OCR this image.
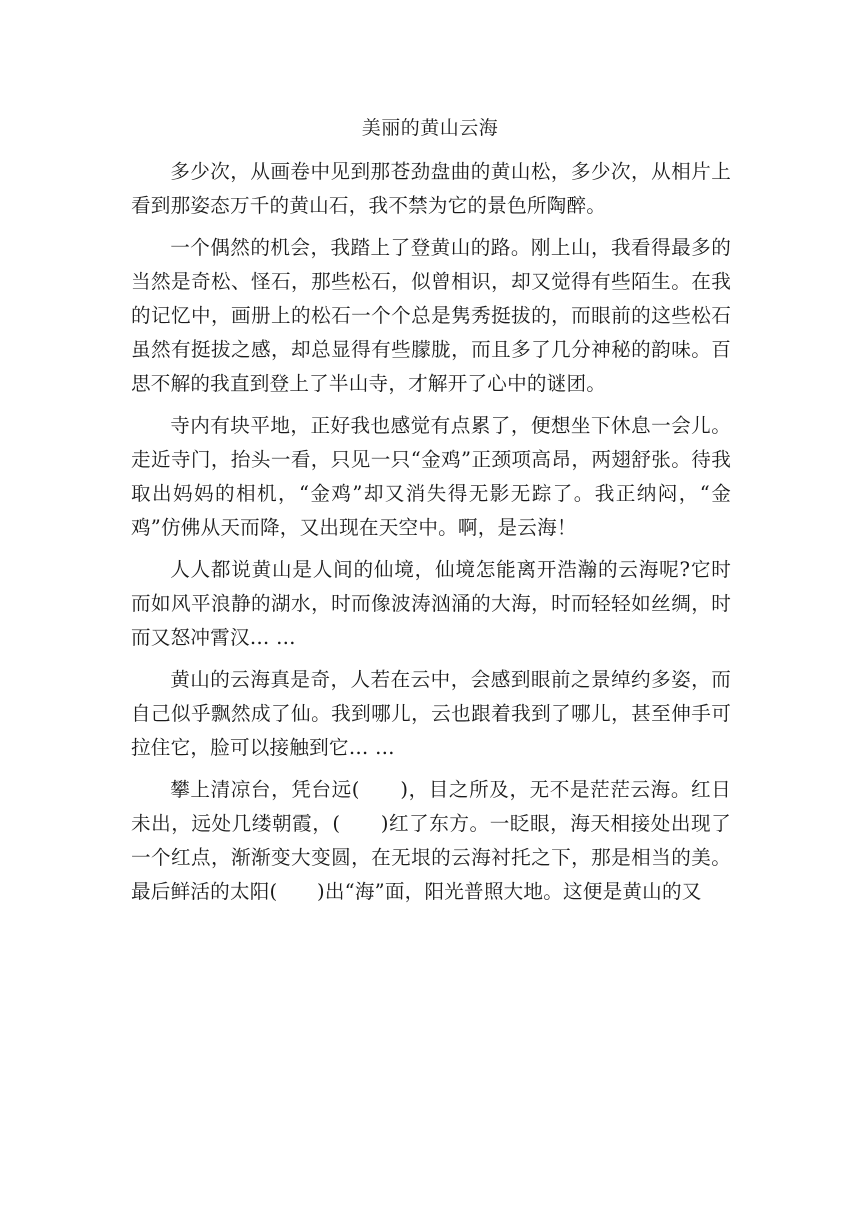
美丽的黄山云海

多少次，从画卷中见到那苍劲盘曲的黄山松，多少次，从相片上看到那姿态万千的黄山石，我不禁为它的景色所陶醉。

一个偶然的机会，我踏上了登黄山的路。刚上山，我看得最多的当然是奇松、怪石，那些松石，似曾相识，却又觉得有些陌生。在我的记忆中，画册上的松石一个个总是隽秀挺拔的，而眼前的这些松石虽然有挺拔之感，却总显得有些朦胧，而且多了几分神秘的韵味。百思不解的我直到登上了半山寺，才解开了心中的谜团。

寺内有块平地，正好我也感觉有点累了，便想坐下休息一会儿。走近寺门，抬头一看，只见一只“金鸡”正颈项高昂，两翅舒张。待我取出妈妈的相机，“金鸡”却又消失得无影无踪了。我正纳闷，“金鸡”仿佛从天而降，又出现在天空中。啊，是云海！

人人都说黄山是人间的仙境，仙境怎能离开浩瀚的云海呢?它时而如风平浪静的湖水，时而像波涛汹涌的大海，时而轻轻如丝绸，时而又怒冲霄汉… …

黄山的云海真是奇，人若在云中，会感到眼前之景绰约多姿，而自己似乎飘然成了仙。我到哪儿，云也跟着我到了哪儿，甚至伸手可拉住它，脸可以接触到它… …

攀上清凉台，凭台远(　　)，目之所及，无不是茫茫云海。红日未出，远处几缕朝霞，(　　)红了东方。一眨眼，海天相接处出现了一个红点，渐渐变大变圆，在无垠的云海衬托之下，那是相当的美。最后鲜活的太阳(　　)出“海”面，阳光普照大地。这便是黄山的又
